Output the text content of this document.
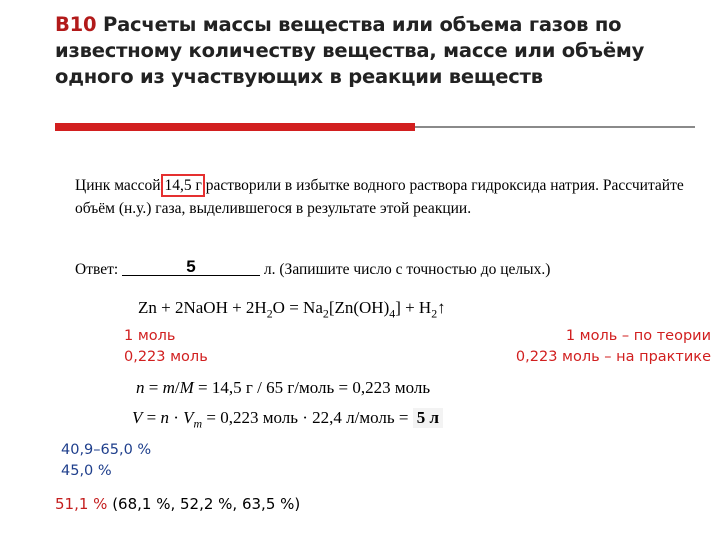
В10 Расчеты массы вещества или объема газов по известному количеству вещества, массе или объёму одного из участвующих в реакции веществ
Цинк массой 14,5 г растворили в избытке водного раствора гидроксида натрия. Рассчитайте объём (н.у.) газа, выделившегося в результате этой реакции.
Ответ:	5	л. (Запишите число с точностью до целых.)
Zn + 2NaOH + $2H_2O = Na_2[Zn(OH)_4]$ + $H_2↑$
1 моль
0,223 моль
1 моль – по теории
0,223 моль – на практике
n = m/M = 14,5 г / 65 г/моль = 0,223 моль
$V = n \cdot V_m = 0,223$ моль · 22,4 л/моль = 5 л
40,9–65,0 %
45,0 %
51,1 % (68,1 %, 52,2 %, 63,5 %)
